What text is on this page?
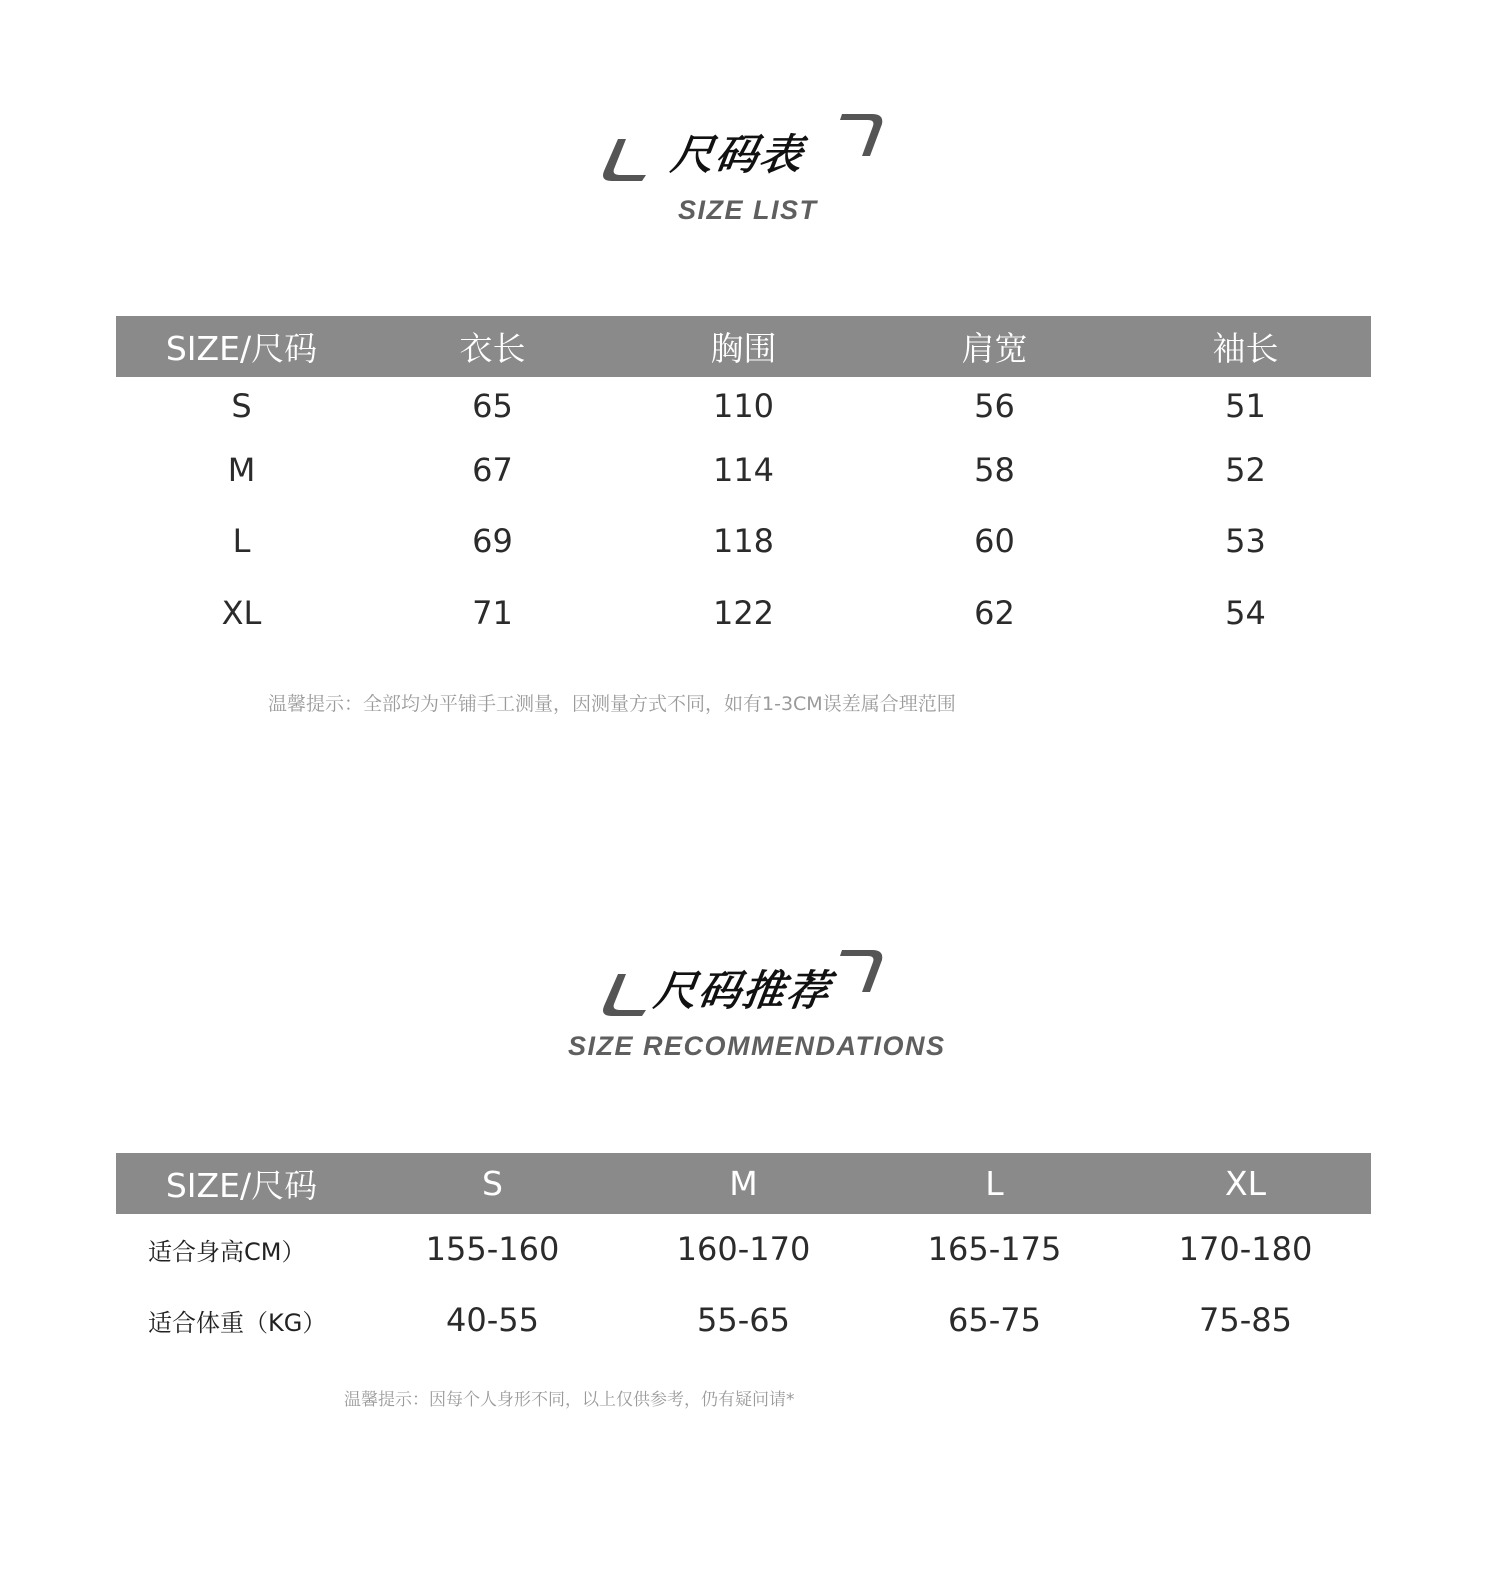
尺码表
SIZE LIST
SIZE/尺码	衣长	胸围	肩宽	袖长
S	65	110	56	51
M	67	114	58	52
L	69	118	60	53
XL	71	122	62	54
温馨提示：全部均为平铺手工测量，因测量方式不同，如有1-3CM误差属合理范围
尺码推荐
SIZE RECOMMENDATIONS
SIZE/尺码	S	M	L	XL
适合身高CM）	155-160	160-170	165-175	170-180
适合体重（KG）	40-55	55-65	65-75	75-85
温馨提示：因每个人身形不同，以上仅供参考，仍有疑问请*
